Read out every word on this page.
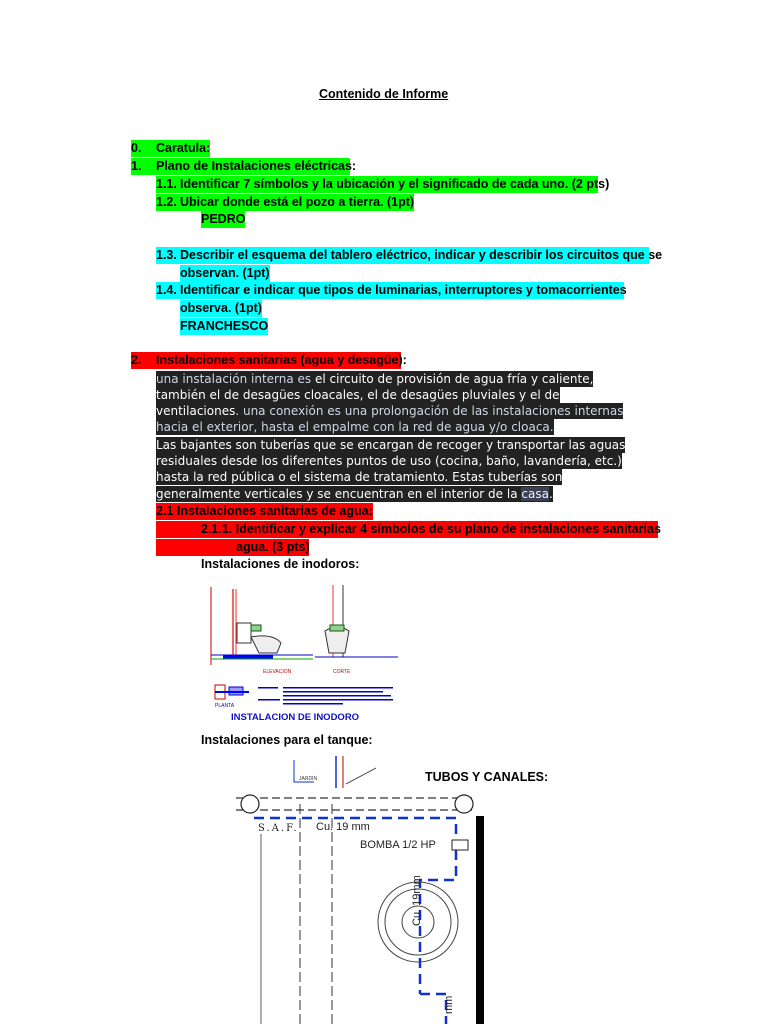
Contenido de Informe
0. Caratula:
1. Plano de Instalaciones eléctricas:
1.1. Identificar 7 símbolos y la ubicación y el significado de cada uno. (2 pts)
1.2. Ubicar donde está el pozo a tierra. (1pt)
PEDRO
1.3. Describir el esquema del tablero eléctrico, indicar y describir los circuitos que se
observan. (1pt)
1.4. Identificar e indicar que tipos de luminarias, interruptores y tomacorrientes
observa. (1pt)
FRANCHESCO
2. Instalaciones sanitarias (agua y desagüe):
una instalación interna es el circuito de provisión de agua fría y caliente,
también el de desagües cloacales, el de desagües pluviales y el de
ventilaciones. una conexión es una prolongación de las instalaciones internas
hacia el exterior, hasta el empalme con la red de agua y/o cloaca.
Las bajantes son tuberías que se encargan de recoger y transportar las aguas
residuales desde los diferentes puntos de uso (cocina, baño, lavandería, etc.)
hasta la red pública o el sistema de tratamiento. Estas tuberías son
generalmente verticales y se encuentran en el interior de la casa.
2.1 Instalaciones sanitarias de agua:
2.1.1. Identificar y explicar 4 símbolos de su plano de instalaciones sanitarias
agua. (3 pts)
Instalaciones de inodoros:
ELEVACION	CORTE
PLANTA
INSTALACION DE INODORO
Instalaciones para el tanque:
TUBOS Y CANALES:
JARDIN
S.A.F. Cu. 19 mm
BOMBA 1/2 HP
Cu. 19mm
mm
